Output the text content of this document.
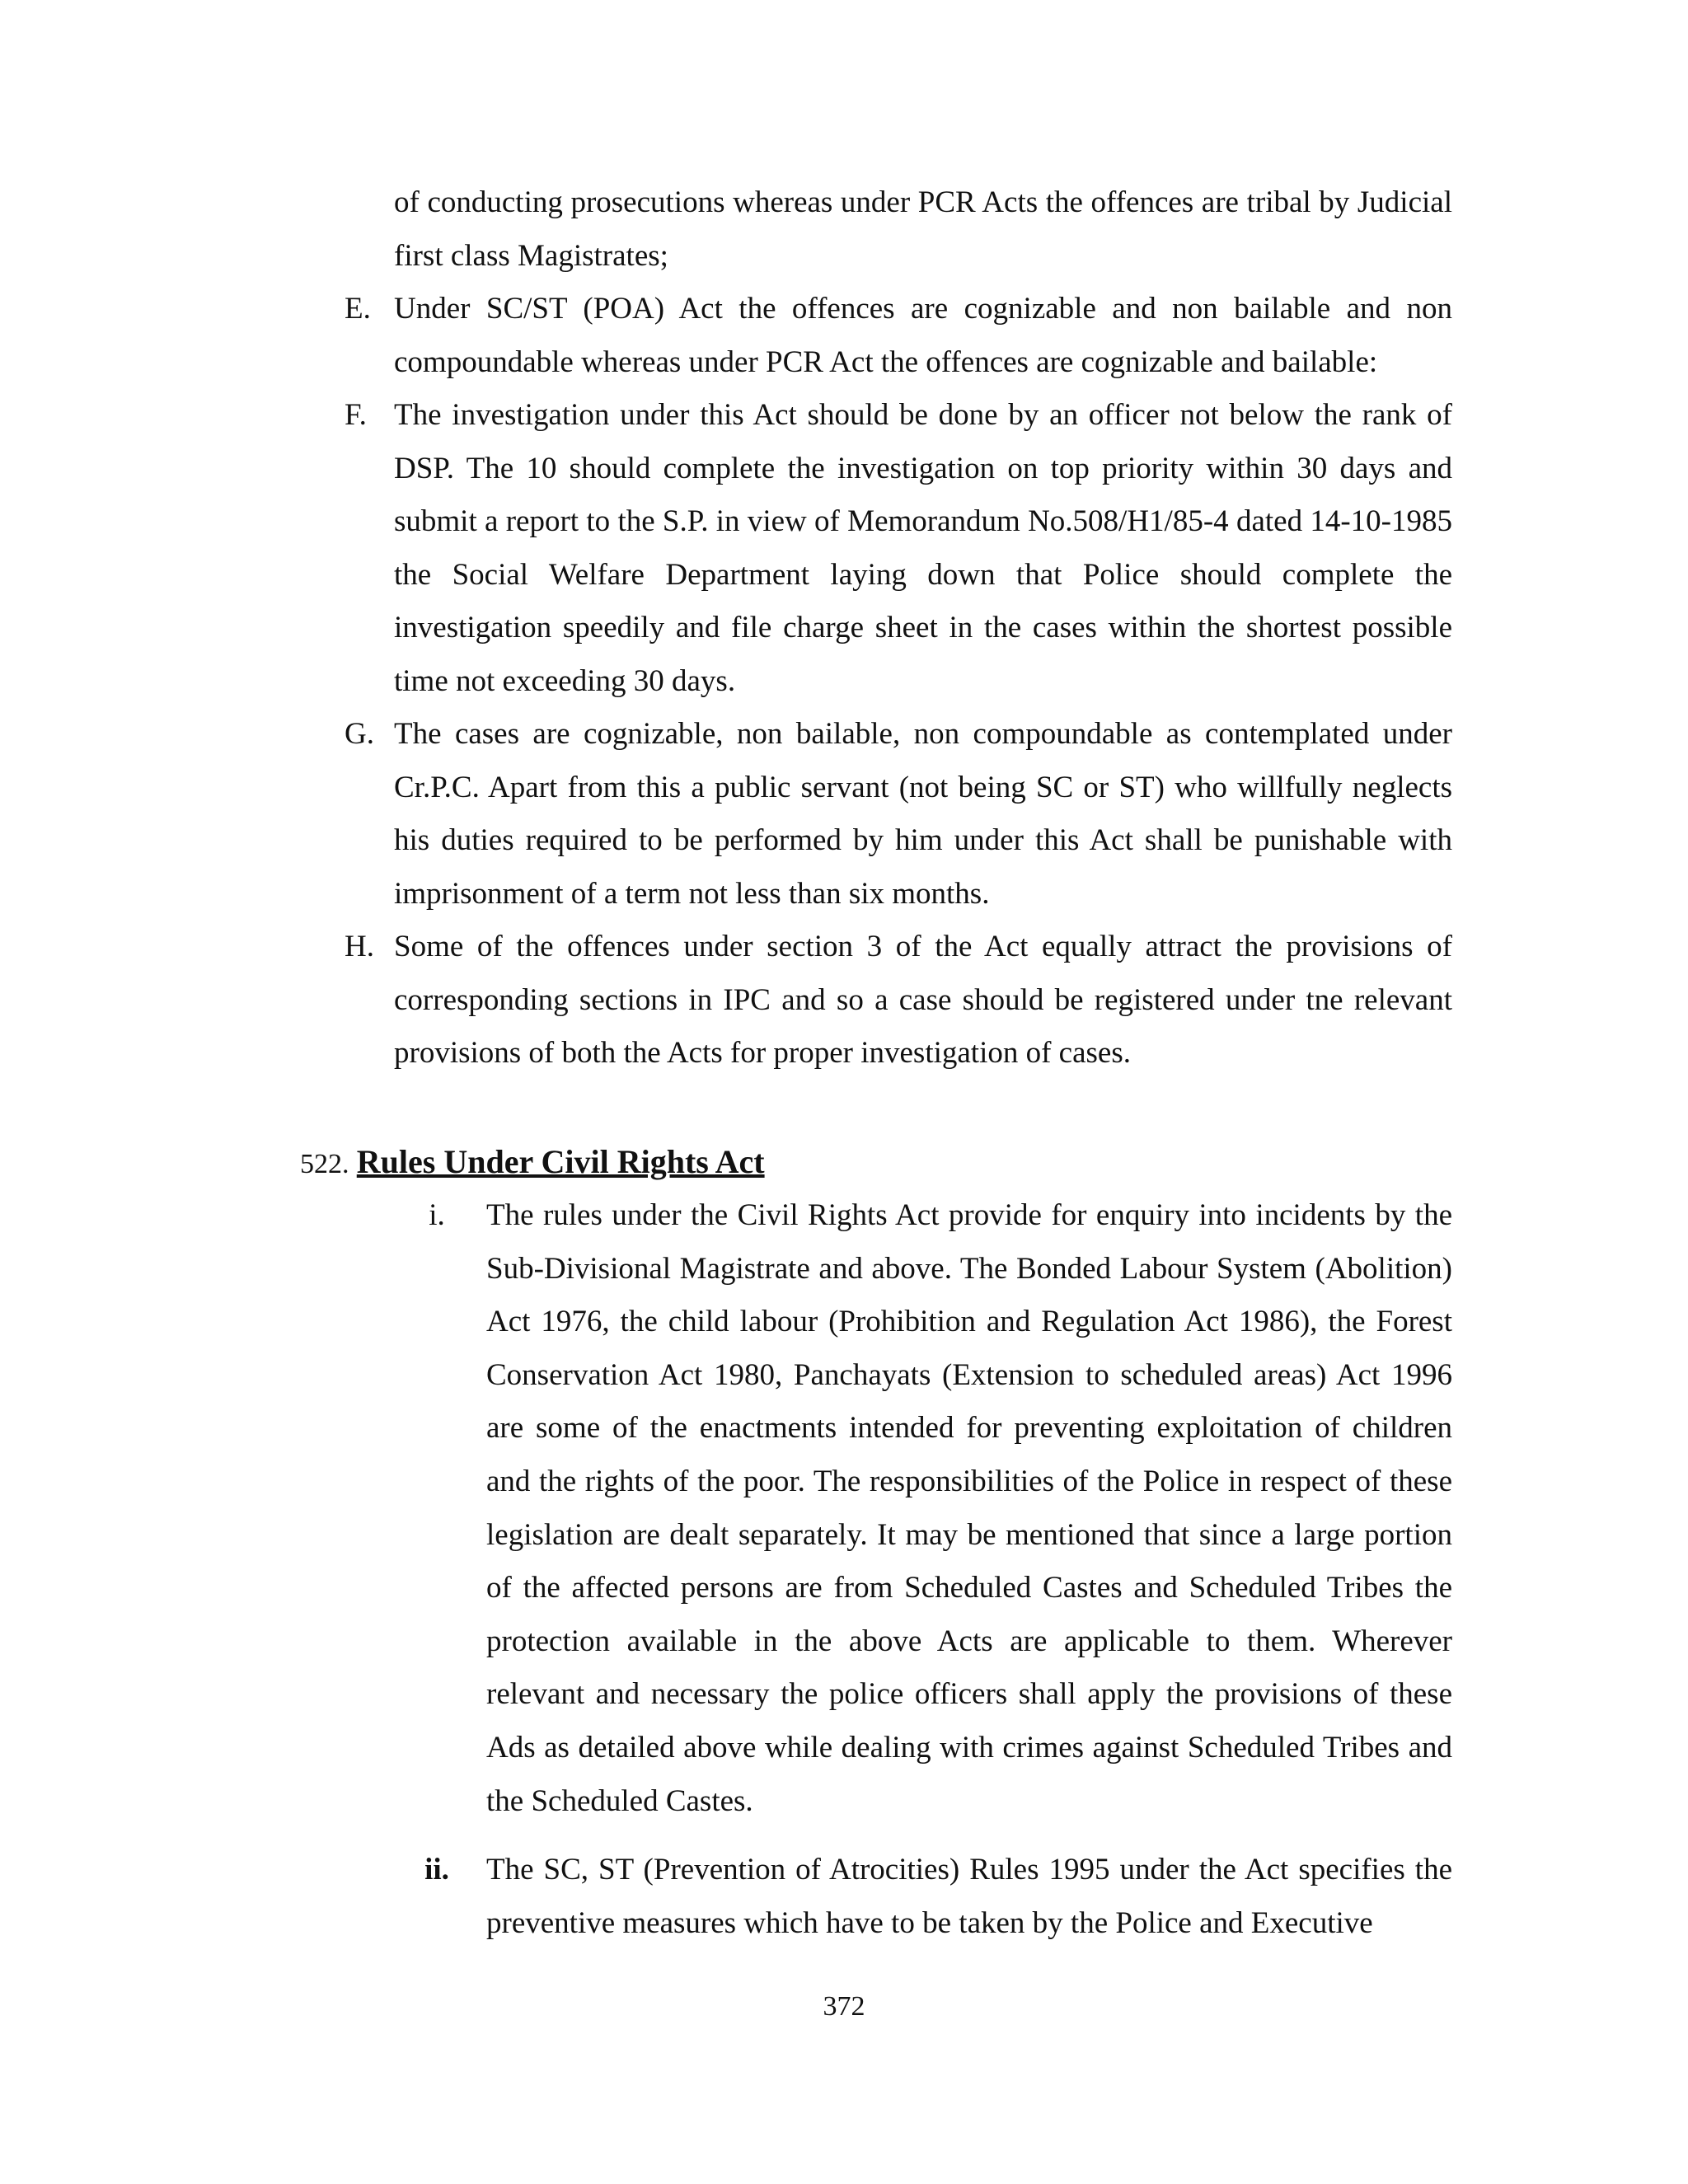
of conducting prosecutions whereas under PCR Acts the offences are tribal by Judicial first class Magistrates;

E. Under SC/ST (POA) Act the offences are cognizable and non bailable and non compoundable whereas under PCR Act the offences are cognizable and bailable:

F. The investigation under this Act should be done by an officer not below the rank of DSP. The 10 should complete the investigation on top priority within 30 days and submit a report to the S.P. in view of Memorandum No.508/H1/85-4 dated 14-10-1985 the Social Welfare Department laying down that Police should complete the investigation speedily and file charge sheet in the cases within the shortest possible time not exceeding 30 days.

G. The cases are cognizable, non bailable, non compoundable as contemplated under Cr.P.C. Apart from this a public servant (not being SC or ST) who willfully neglects his duties required to be performed by him under this Act shall be punishable with imprisonment of a term not less than six months.

H. Some of the offences under section 3 of the Act equally attract the provisions of corresponding sections in IPC and so a case should be registered under tne relevant provisions of both the Acts for proper investigation of cases.

522. Rules Under Civil Rights Act
i.	The rules under the Civil Rights Act provide for enquiry into incidents by the Sub-Divisional Magistrate and above. The Bonded Labour System (Abolition) Act 1976, the child labour (Prohibition and Regulation Act 1986), the Forest Conservation Act 1980, Panchayats (Extension to scheduled areas) Act 1996 are some of the enactments intended for preventing exploitation of children and the rights of the poor. The responsibilities of the Police in respect of these legislation are dealt separately. It may be mentioned that since a large portion of the affected persons are from Scheduled Castes and Scheduled Tribes the protection available in the above Acts are applicable to them. Wherever relevant and necessary the police officers shall apply the provisions of these Ads as detailed above while dealing with crimes against Scheduled Tribes and the Scheduled Castes.

ii.	The SC, ST (Prevention of Atrocities) Rules 1995 under the Act specifies the preventive measures which have to be taken by the Police and Executive

372
